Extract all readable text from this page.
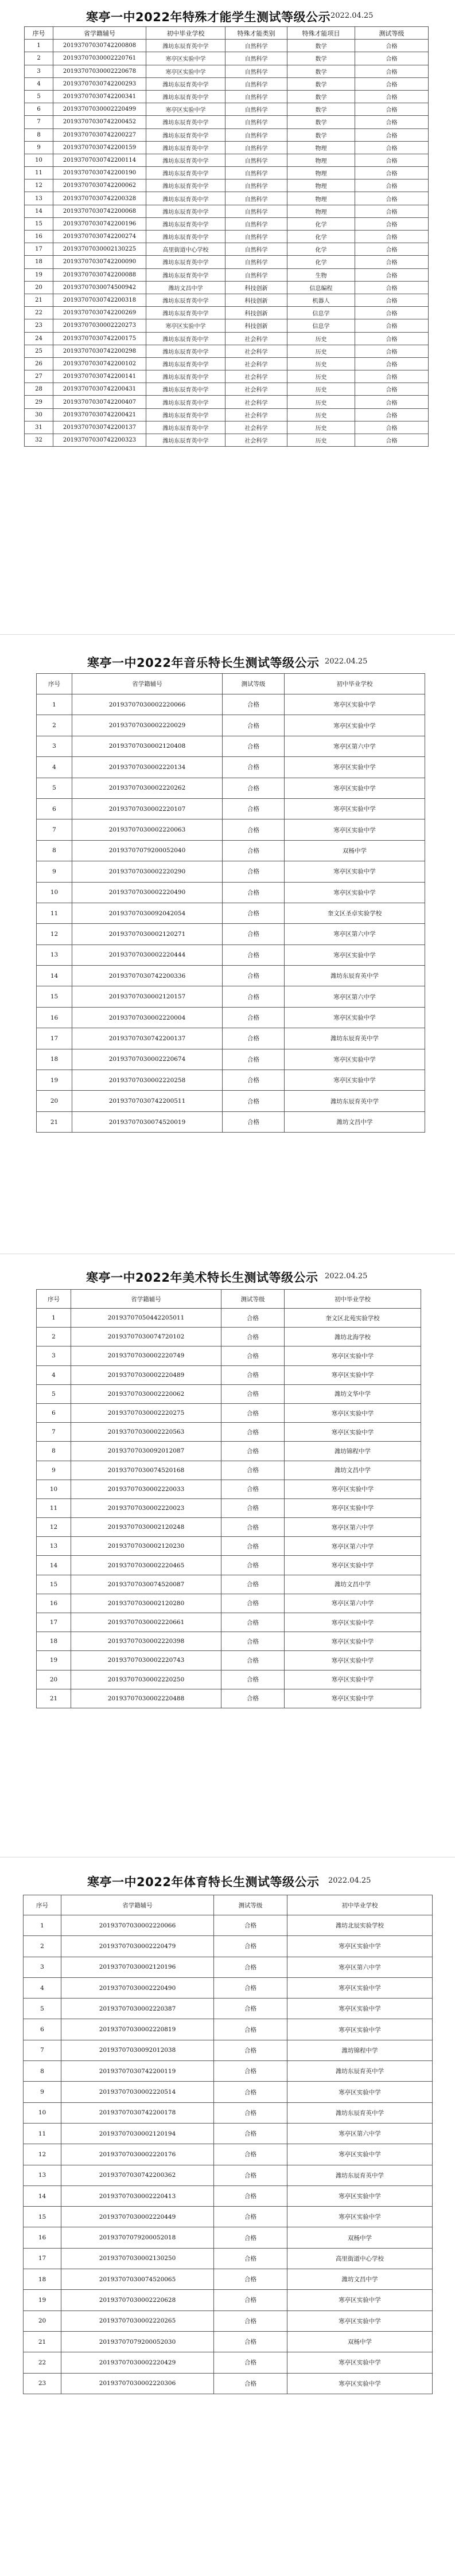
寒亭一中2022年特殊才能学生测试等级公示 2022.04.25
序号	省学籍辅号	初中毕业学校	特殊才能类别	特殊才能项目	测试等级
1	20193707030742200808	潍坊东辰育英中学	自然科学	数学	合格
2	20193707030002220761	寒亭区实验中学	自然科学	数学	合格
3	20193707030002220678	寒亭区实验中学	自然科学	数学	合格
4	20193707030742200293	潍坊东辰育英中学	自然科学	数学	合格
5	20193707030742200341	潍坊东辰育英中学	自然科学	数学	合格
6	20193707030002220499	寒亭区实验中学	自然科学	数学	合格
7	20193707030742200452	潍坊东辰育英中学	自然科学	数学	合格
8	20193707030742200227	潍坊东辰育英中学	自然科学	数学	合格
9	20193707030742200159	潍坊东辰育英中学	自然科学	物理	合格
10	20193707030742200114	潍坊东辰育英中学	自然科学	物理	合格
11	20193707030742200190	潍坊东辰育英中学	自然科学	物理	合格
12	20193707030742200062	潍坊东辰育英中学	自然科学	物理	合格
13	20193707030742200328	潍坊东辰育英中学	自然科学	物理	合格
14	20193707030742200068	潍坊东辰育英中学	自然科学	物理	合格
15	20193707030742200196	潍坊东辰育英中学	自然科学	化学	合格
16	20193707030742200274	潍坊东辰育英中学	自然科学	化学	合格
17	20193707030002130225	高里街道中心学校	自然科学	化学	合格
18	20193707030742200090	潍坊东辰育英中学	自然科学	化学	合格
19	20193707030742200088	潍坊东辰育英中学	自然科学	生物	合格
20	20193707030074500942	潍坊文昌中学	科技创新	信息编程	合格
21	20193707030742200318	潍坊东辰育英中学	科技创新	机器人	合格
22	20193707030742200269	潍坊东辰育英中学	科技创新	信息学	合格
23	20193707030002220273	寒亭区实验中学	科技创新	信息学	合格
24	20193707030742200175	潍坊东辰育英中学	社会科学	历史	合格
25	20193707030742200298	潍坊东辰育英中学	社会科学	历史	合格
26	20193707030742200102	潍坊东辰育英中学	社会科学	历史	合格
27	20193707030742200141	潍坊东辰育英中学	社会科学	历史	合格
28	20193707030742200431	潍坊东辰育英中学	社会科学	历史	合格
29	20193707030742200407	潍坊东辰育英中学	社会科学	历史	合格
30	20193707030742200421	潍坊东辰育英中学	社会科学	历史	合格
31	20193707030742200137	潍坊东辰育英中学	社会科学	历史	合格
32	20193707030742200323	潍坊东辰育英中学	社会科学	历史	合格
寒亭一中2022年音乐特长生测试等级公示 2022.04.25
序号	省学籍辅号	测试等级	初中毕业学校
1	20193707030002220066	合格	寒亭区实验中学
2	20193707030002220029	合格	寒亭区实验中学
3	20193707030002120408	合格	寒亭区第六中学
4	20193707030002220134	合格	寒亭区实验中学
5	20193707030002220262	合格	寒亭区实验中学
6	20193707030002220107	合格	寒亭区实验中学
7	20193707030002220063	合格	寒亭区实验中学
8	20193707079200052040	合格	双杨中学
9	20193707030002220290	合格	寒亭区实验中学
10	20193707030002220490	合格	寒亭区实验中学
11	20193707030092042054	合格	奎文区圣卓实验学校
12	20193707030002120271	合格	寒亭区第六中学
13	20193707030002220444	合格	寒亭区实验中学
14	20193707030742200336	合格	潍坊东辰育英中学
15	20193707030002120157	合格	寒亭区第六中学
16	20193707030002220004	合格	寒亭区实验中学
17	20193707030742200137	合格	潍坊东辰育英中学
18	20193707030002220674	合格	寒亭区实验中学
19	20193707030002220258	合格	寒亭区实验中学
20	20193707030742200511	合格	潍坊东辰育英中学
21	20193707030074520019	合格	潍坊文昌中学
寒亭一中2022年美术特长生测试等级公示 2022.04.25
序号	省学籍辅号	测试等级	初中毕业学校
1	20193707050442205011	合格	奎文区北苑实验学校
2	20193707030074720102	合格	潍坊北海学校
3	20193707030002220749	合格	寒亭区实验中学
4	20193707030002220489	合格	寒亭区实验中学
5	20193707030002220062	合格	潍坊文华中学
6	20193707030002220275	合格	寒亭区实验中学
7	20193707030002220563	合格	寒亭区实验中学
8	20193707030092012087	合格	潍坊锦程中学
9	20193707030074520168	合格	潍坊文昌中学
10	20193707030002220033	合格	寒亭区实验中学
11	20193707030002220023	合格	寒亭区实验中学
12	20193707030002120248	合格	寒亭区第六中学
13	20193707030002120230	合格	寒亭区第六中学
14	20193707030002220465	合格	寒亭区实验中学
15	20193707030074520087	合格	潍坊文昌中学
16	20193707030002120280	合格	寒亭区第六中学
17	20193707030002220661	合格	寒亭区实验中学
18	20193707030002220398	合格	寒亭区实验中学
19	20193707030002220743	合格	寒亭区实验中学
20	20193707030002220250	合格	寒亭区实验中学
21	20193707030002220488	合格	寒亭区实验中学
寒亭一中2022年体育特长生测试等级公示 2022.04.25
序号	省学籍辅号	测试等级	初中毕业学校
1	20193707030002220066	合格	潍坊北辰实验学校
2	20193707030002220479	合格	寒亭区实验中学
3	20193707030002120196	合格	寒亭区第六中学
4	20193707030002220490	合格	寒亭区实验中学
5	20193707030002220387	合格	寒亭区实验中学
6	20193707030002220819	合格	寒亭区实验中学
7	20193707030092012038	合格	潍坊锦程中学
8	20193707030742200119	合格	潍坊东辰育英中学
9	20193707030002220514	合格	寒亭区实验中学
10	20193707030742200178	合格	潍坊东辰育英中学
11	20193707030002120194	合格	寒亭区第六中学
12	20193707030002220176	合格	寒亭区实验中学
13	20193707030742200362	合格	潍坊东辰育英中学
14	20193707030002220413	合格	寒亭区实验中学
15	20193707030002220449	合格	寒亭区实验中学
16	20193707079200052018	合格	双杨中学
17	20193707030002130250	合格	高里街道中心学校
18	20193707030074520065	合格	潍坊文昌中学
19	20193707030002220628	合格	寒亭区实验中学
20	20193707030002220265	合格	寒亭区实验中学
21	20193707079200052030	合格	双杨中学
22	20193707030002220429	合格	寒亭区实验中学
23	20193707030002220306	合格	寒亭区实验中学
